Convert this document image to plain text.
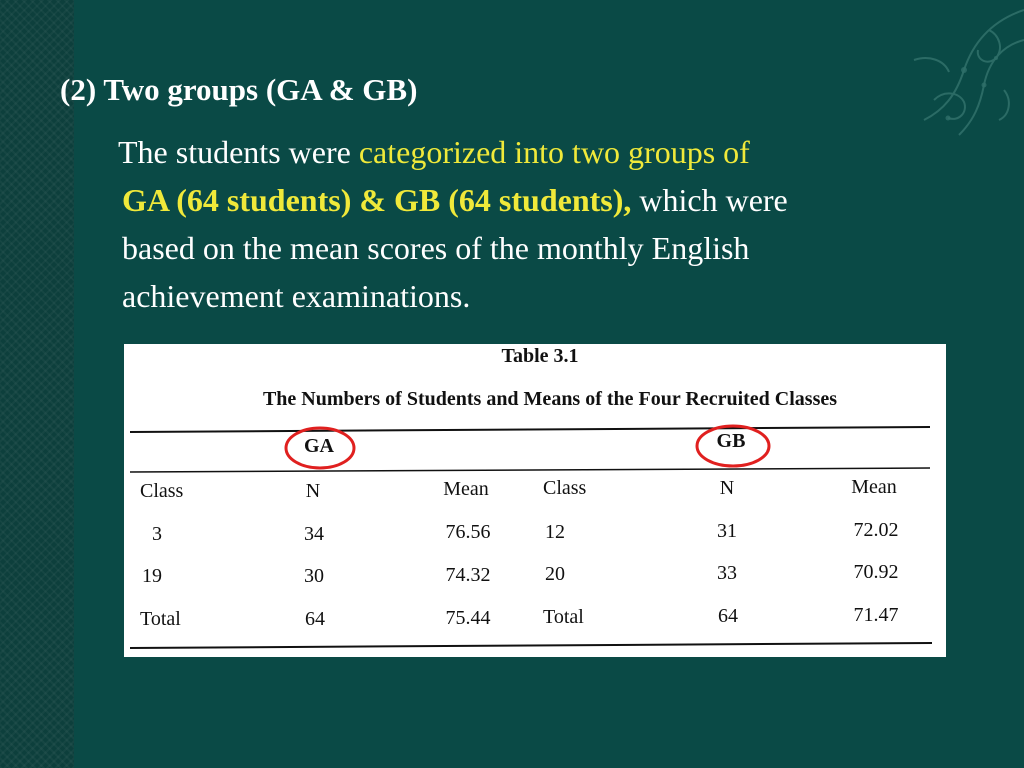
(2) Two groups (GA & GB)
The students were categorized into two groups of
GA (64 students) & GB (64 students), which were
based on the mean scores of the monthly English
achievement examinations.
Table 3.1
The Numbers of Students and Means of the Four Recruited Classes
GA	GB
Class	N	Mean	Class	N	Mean
3	34	76.56	12	31	72.02
19	30	74.32	20	33	70.92
Total	64	75.44	Total	64	71.47
